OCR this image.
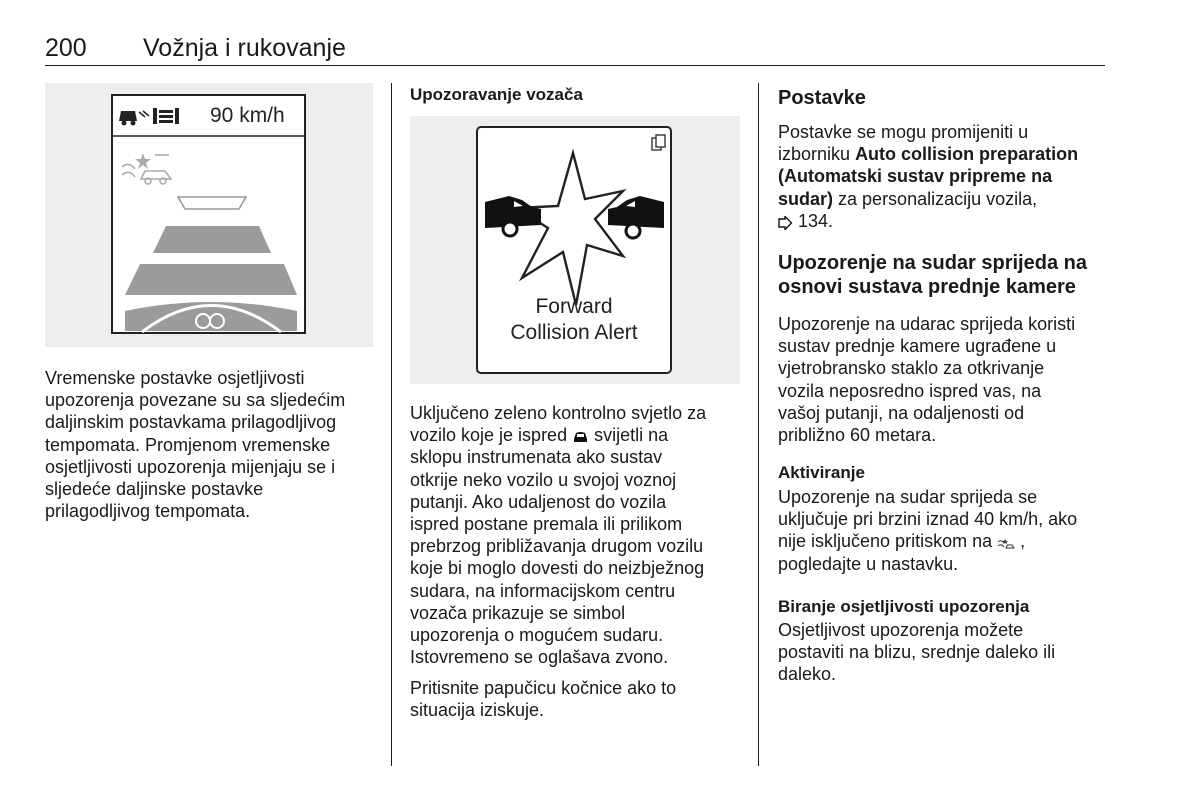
200 Vožnja i rukovanje
90 km/h

Vremenske postavke osjetljivosti

upozorenja povezane su sa sljedećim

daljinskim postavkama prilagodljivog

tempomata. Promjenom vremenske

osjetljivosti upozorenja mijenjaju se i

sljedeće daljinske postavke

prilagodljivog tempomata.

Upozoravanje vozača
Forward
Collision Alert

Uključeno zeleno kontrolno svjetlo za

vozilo koje je ispred svijetli na

sklopu instrumenata ako sustav

otkrije neko vozilo u svojoj voznoj

putanji. Ako udaljenost do vozila

ispred postane premala ili prilikom

prebrzog približavanja drugom vozilu

koje bi moglo dovesti do neizbježnog

sudara, na informacijskom centru

vozača prikazuje se simbol

upozorenja o mogućem sudaru.

Istovremeno se oglašava zvono.

Pritisnite papučicu kočnice ako to

situacija iziskuje.

Postavke

Postavke se mogu promijeniti u

izborniku Auto collision preparation

(Automatski sustav pripreme na

sudar) za personalizaciju vozila,

134.

Upozorenje na sudar sprijeda na
osnovi sustava prednje kamere

Upozorenje na udarac sprijeda koristi

sustav prednje kamere ugrađene u

vjetrobransko staklo za otkrivanje

vozila neposredno ispred vas, na

vašoj putanji, na odaljenosti od

približno 60 metara.

Aktiviranje

Upozorenje na sudar sprijeda se

uključuje pri brzini iznad 40 km/h, ako

nije isključeno pritiskom na ,

pogledajte u nastavku.

Biranje osjetljivosti upozorenja

Osjetljivost upozorenja možete

postaviti na blizu, srednje daleko ili

daleko.
